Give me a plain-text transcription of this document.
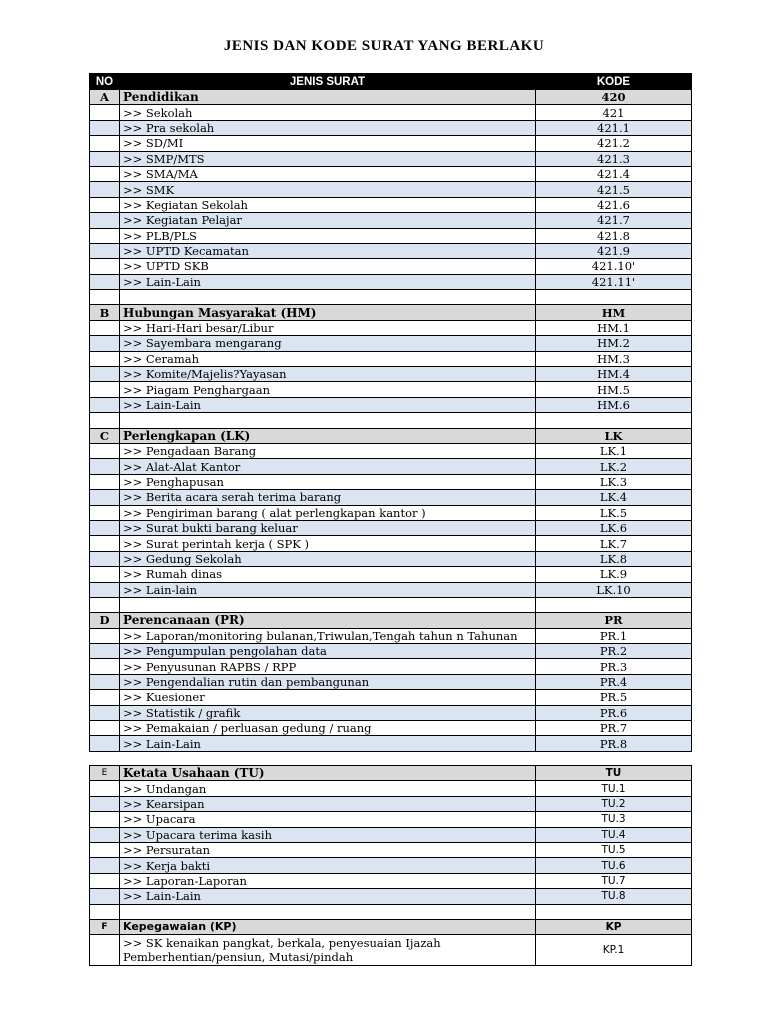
JENIS DAN KODE SURAT YANG BERLAKU
NO	JENIS SURAT	KODE
A	Pendidikan	420
	>> Sekolah	421
	>> Pra sekolah	421.1
	>> SD/MI	421.2
	>> SMP/MTS	421.3
	>> SMA/MA	421.4
	>> SMK	421.5
	>> Kegiatan Sekolah	421.6
	>> Kegiatan Pelajar	421.7
	>> PLB/PLS	421.8
	>> UPTD Kecamatan	421.9
	>> UPTD SKB	421.10'
	>> Lain-Lain	421.11'

B	Hubungan Masyarakat (HM)	HM
	>> Hari-Hari besar/Libur	HM.1
	>> Sayembara mengarang	HM.2
	>> Ceramah	HM.3
	>> Komite/Majelis?Yayasan	HM.4
	>> Piagam Penghargaan	HM.5
	>> Lain-Lain	HM.6

C	Perlengkapan (LK)	LK
	>> Pengadaan Barang	LK.1
	>> Alat-Alat Kantor	LK.2
	>> Penghapusan	LK.3
	>> Berita acara serah terima barang	LK.4
	>> Pengiriman barang ( alat perlengkapan kantor )	LK.5
	>> Surat bukti barang keluar	LK.6
	>> Surat perintah kerja ( SPK )	LK.7
	>> Gedung Sekolah	LK.8
	>> Rumah dinas	LK.9
	>> Lain-lain	LK.10

D	Perencanaan (PR)	PR
	>> Laporan/monitoring bulanan,Triwulan,Tengah tahun n Tahunan	PR.1
	>> Pengumpulan pengolahan data	PR.2
	>> Penyusunan RAPBS / RPP	PR.3
	>> Pengendalian rutin dan pembangunan	PR.4
	>> Kuesioner	PR.5
	>> Statistik / grafik	PR.6
	>> Pemakaian / perluasan gedung / ruang	PR.7
	>> Lain-Lain	PR.8
E	Ketata Usahaan (TU)	TU
	>> Undangan	TU.1
	>> Kearsipan	TU.2
	>> Upacara	TU.3
	>> Upacara terima kasih	TU.4
	>> Persuratan	TU.5
	>> Kerja bakti	TU.6
	>> Laporan-Laporan	TU.7
	>> Lain-Lain	TU.8

F	Kepegawaian (KP)	KP
	>> SK kenaikan pangkat, berkala, penyesuaian Ijazah Pemberhentian/pensiun, Mutasi/pindah	KP.1
